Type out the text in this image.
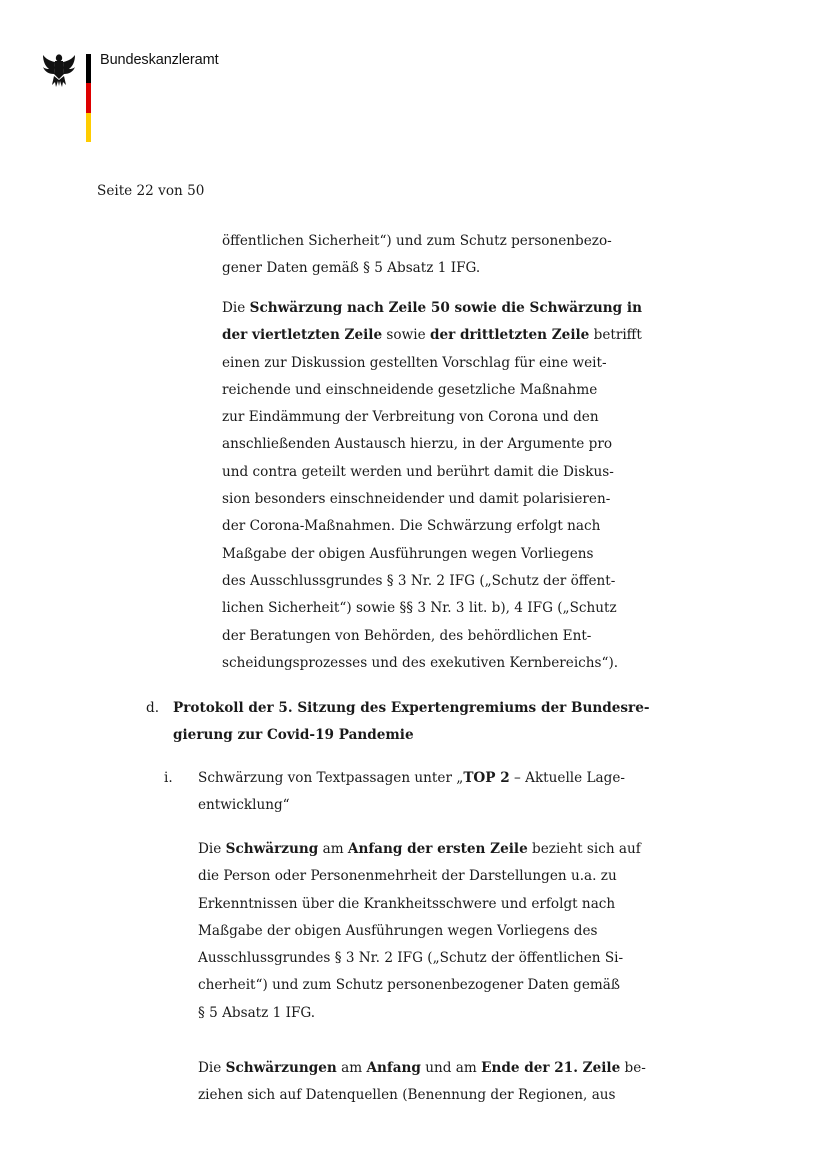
Bundeskanzleramt
Seite 22 von 50
öffentlichen Sicherheit“) und zum Schutz personenbezo-
gener Daten gemäß § 5 Absatz 1 IFG.
Die Schwärzung nach Zeile 50 sowie die Schwärzung in
der viertletzten Zeile sowie der drittletzten Zeile betrifft
einen zur Diskussion gestellten Vorschlag für eine weit-
reichende und einschneidende gesetzliche Maßnahme
zur Eindämmung der Verbreitung von Corona und den
anschließenden Austausch hierzu, in der Argumente pro
und contra geteilt werden und berührt damit die Diskus-
sion besonders einschneidender und damit polarisieren-
der Corona-Maßnahmen. Die Schwärzung erfolgt nach
Maßgabe der obigen Ausführungen wegen Vorliegens
des Ausschlussgrundes § 3 Nr. 2 IFG („Schutz der öffent-
lichen Sicherheit“) sowie §§ 3 Nr. 3 lit. b), 4 IFG („Schutz
der Beratungen von Behörden, des behördlichen Ent-
scheidungsprozesses und des exekutiven Kernbereichs“).
d. Protokoll der 5. Sitzung des Expertengremiums der Bundesre-
gierung zur Covid-19 Pandemie
i. Schwärzung von Textpassagen unter „TOP 2 – Aktuelle Lage-
entwicklung“
Die Schwärzung am Anfang der ersten Zeile bezieht sich auf
die Person oder Personenmehrheit der Darstellungen u.a. zu
Erkenntnissen über die Krankheitsschwere und erfolgt nach
Maßgabe der obigen Ausführungen wegen Vorliegens des
Ausschlussgrundes § 3 Nr. 2 IFG („Schutz der öffentlichen Si-
cherheit“) und zum Schutz personenbezogener Daten gemäß
§ 5 Absatz 1 IFG.
Die Schwärzungen am Anfang und am Ende der 21. Zeile be-
ziehen sich auf Datenquellen (Benennung der Regionen, aus
